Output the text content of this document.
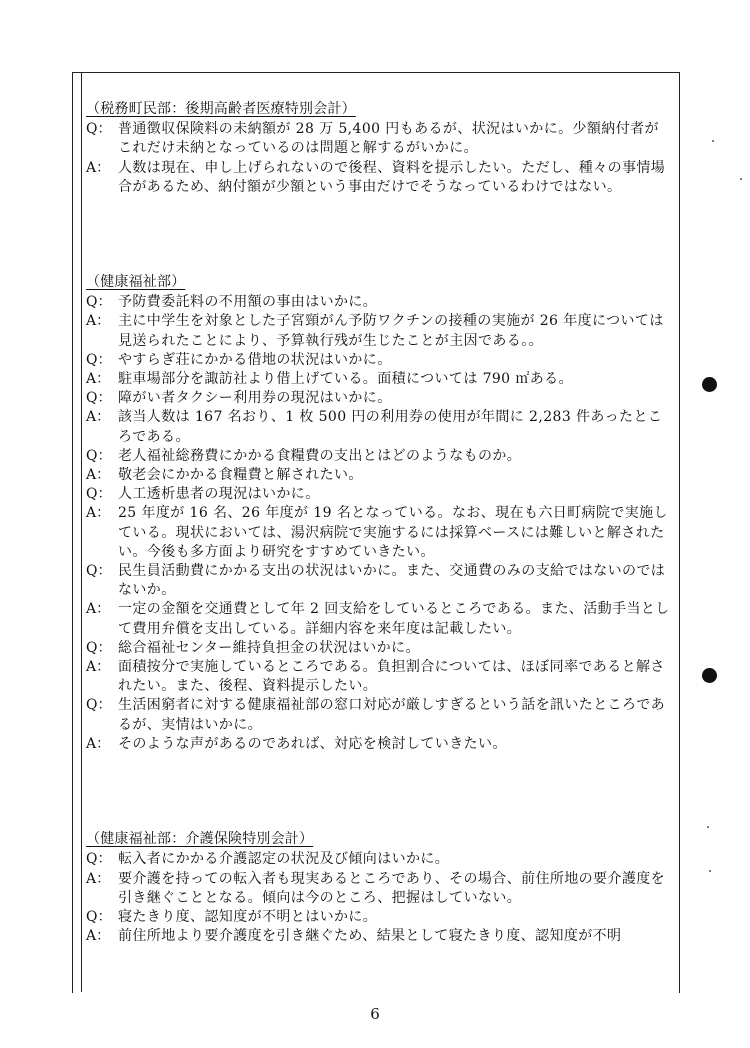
（税務町民部：後期高齢者医療特別会計）
Q： 普通徴収保険料の未納額が 28 万 5,400 円もあるが、状況はいかに。少額納付者がこれだけ未納となっているのは問題と解するがいかに。
A： 人数は現在、申し上げられないので後程、資料を提示したい。ただし、種々の事情場合があるため、納付額が少額という事由だけでそうなっているわけではない。
（健康福祉部）
Q： 予防費委託料の不用額の事由はいかに。
A： 主に中学生を対象とした子宮頸がん予防ワクチンの接種の実施が 26 年度については見送られたことにより、予算執行残が生じたことが主因である。。
Q： やすらぎ荘にかかる借地の状況はいかに。
A： 駐車場部分を諏訪社より借上げている。面積については 790 ㎡ある。
Q： 障がい者タクシー利用券の現況はいかに。
A： 該当人数は 167 名おり、1 枚 500 円の利用券の使用が年間に 2,283 件あったところである。
Q： 老人福祉総務費にかかる食糧費の支出とはどのようなものか。
A： 敬老会にかかる食糧費と解されたい。
Q： 人工透析患者の現況はいかに。
A： 25 年度が 16 名、26 年度が 19 名となっている。なお、現在も六日町病院で実施している。現状においては、湯沢病院で実施するには採算ベースには難しいと解されたい。今後も多方面より研究をすすめていきたい。
Q： 民生員活動費にかかる支出の状況はいかに。また、交通費のみの支給ではないのではないか。
A： 一定の金額を交通費として年 2 回支給をしているところである。また、活動手当として費用弁償を支出している。詳細内容を来年度は記載したい。
Q： 総合福祉センター維持負担金の状況はいかに。
A： 面積按分で実施しているところである。負担割合については、ほぼ同率であると解されたい。また、後程、資料提示したい。
Q： 生活困窮者に対する健康福祉部の窓口対応が厳しすぎるという話を訊いたところであるが、実情はいかに。
A： そのような声があるのであれば、対応を検討していきたい。
（健康福祉部：介護保険特別会計）
Q： 転入者にかかる介護認定の状況及び傾向はいかに。
A： 要介護を持っての転入者も現実あるところであり、その場合、前住所地の要介護度を引き継ぐこととなる。傾向は今のところ、把握はしていない。
Q： 寝たきり度、認知度が不明とはいかに。
A： 前住所地より要介護度を引き継ぐため、結果として寝たきり度、認知度が不明
6
